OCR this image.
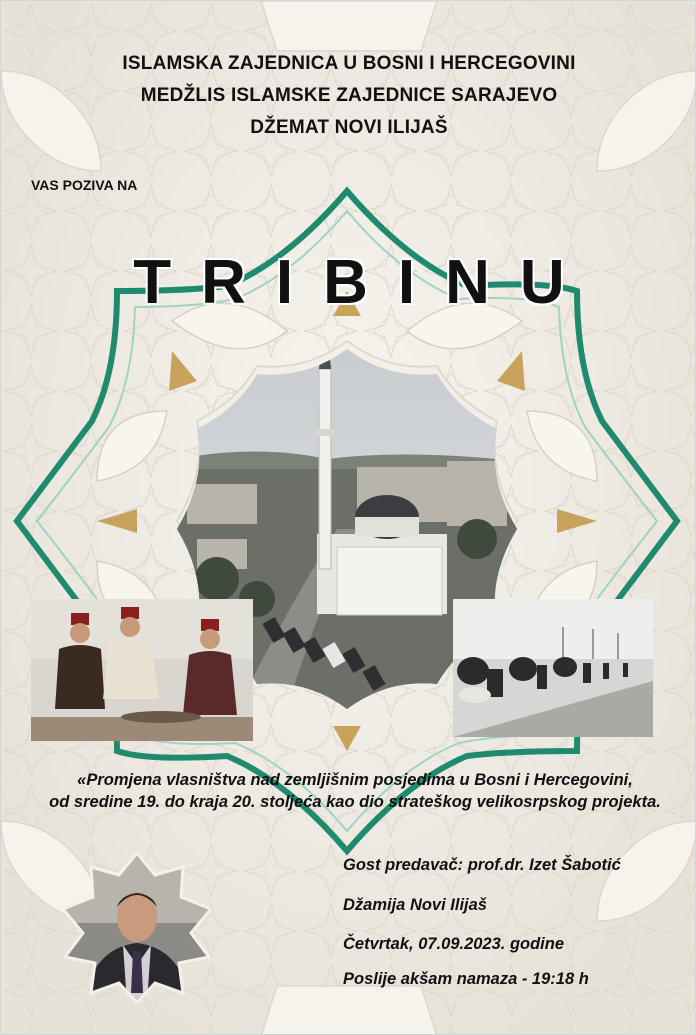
ISLAMSKA ZAJEDNICA U BOSNI I HERCEGOVINI
MEDŽLIS ISLAMSKE ZAJEDNICE SARAJEVO
DŽEMAT NOVI ILIJAŠ
VAS POZIVA NA
TRIBINU
«Promjena vlasništva nad zemljišnim posjedima u Bosni i Hercegovini,
od sredine 19. do kraja 20. stoljeća kao dio strateškog velikosrpskog projekta.
Gost predavač: prof.dr. Izet Šabotić
Džamija Novi Ilijaš
Četvrtak, 07.09.2023. godine
Poslije akšam namaza - 19:18 h
